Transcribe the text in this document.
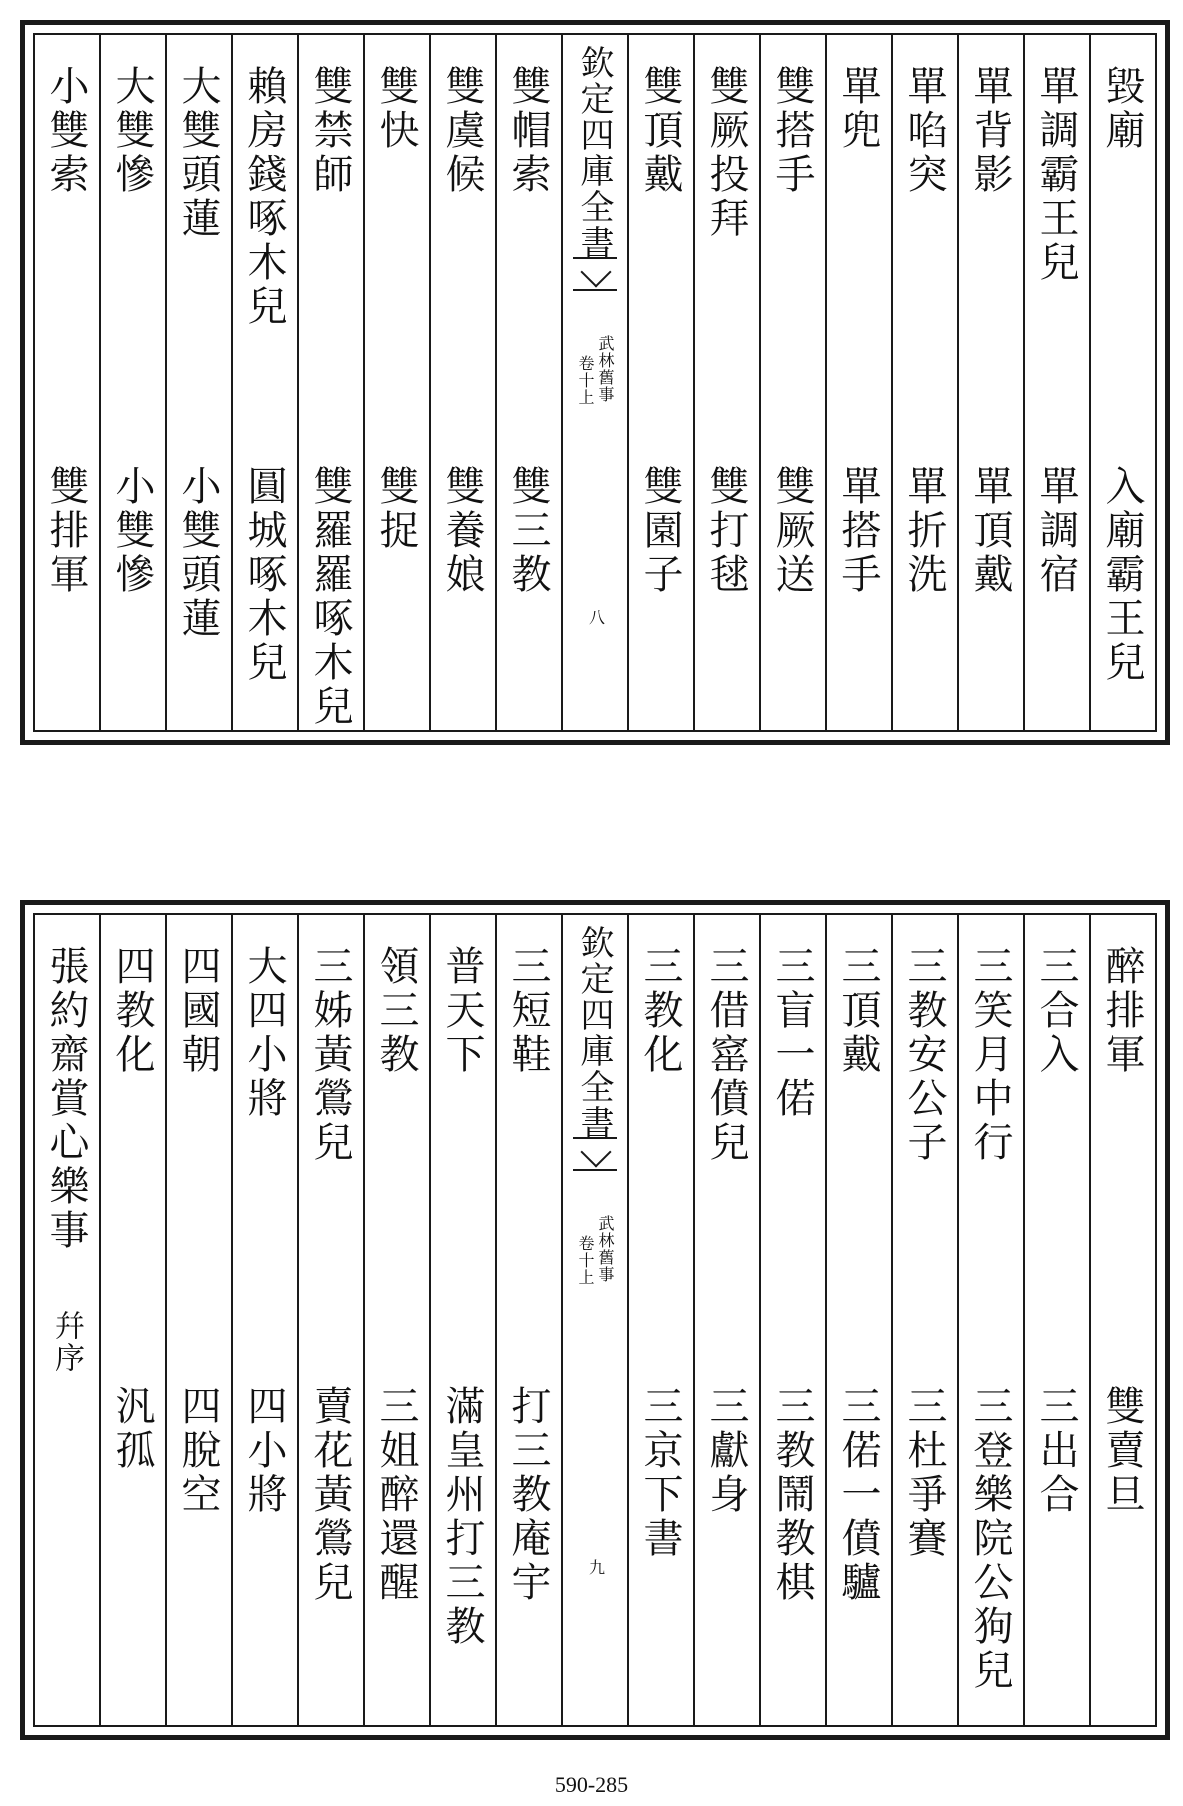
毀廟
入廟霸王兒
單調霸王兒
單調宿
單背影
單頂戴
單啗突
單折洗
單兜
單搭手
雙搭手
雙厥送
雙厥投拜
雙打毬
雙頂戴
雙園子
欽定四庫全書
武林舊事
卷十上
八
雙帽索
雙三教
雙虞候
雙養娘
雙快
雙捉
雙禁師
雙羅羅啄木兒
賴房錢啄木兒
圓城啄木兒
大雙頭蓮
小雙頭蓮
大雙慘
小雙慘
小雙索
雙排軍
醉排軍
雙賣旦
三合入
三出合
三笑月中行
三登樂院公狗兒
三教安公子
三杜爭賽
三頂戴
三偌一僨驢
三盲一偌
三教鬧教棋
三借窰僨兒
三獻身
三教化
三京下書
欽定四庫全書
武林舊事
卷十上
九
三短鞋
打三教庵宇
普天下
滿皇州打三教
領三教
三姐醉還醒
三姊黃鶯兒
賣花黃鶯兒
大四小將
四小將
四國朝
四脫空
四教化
汎孤
張約齋賞心樂事
幷序
590-285
